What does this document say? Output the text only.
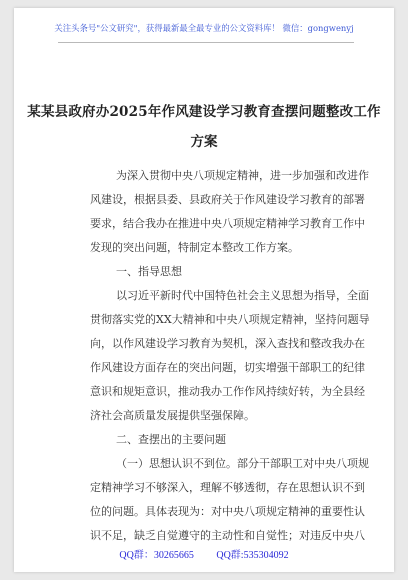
关注头条号"公文研究"，获得最新最全最专业的公文资料库！ 微信：gongwenyj
某某县政府办2025年作风建设学习教育查摆问题整改工作
方案
为深入贯彻中央八项规定精神，进一步加强和改进作
风建设，根据县委、县政府关于作风建设学习教育的部署
要求，结合我办在推进中央八项规定精神学习教育工作中
发现的突出问题，特制定本整改工作方案。
一、指导思想
以习近平新时代中国特色社会主义思想为指导，全面
贯彻落实党的XX大精神和中央八项规定精神，坚持问题导
向，以作风建设学习教育为契机，深入查找和整改我办在
作风建设方面存在的突出问题，切实增强干部职工的纪律
意识和规矩意识，推动我办工作作风持续好转，为全县经
济社会高质量发展提供坚强保障。
二、查摆出的主要问题
（一）思想认识不到位。部分干部职工对中央八项规
定精神学习不够深入，理解不够透彻，存在思想认识不到
位的问题。具体表现为：对中央八项规定精神的重要性认
识不足，缺乏自觉遵守的主动性和自觉性；对违反中央八
QQ群：30265665 QQ群:535304092
